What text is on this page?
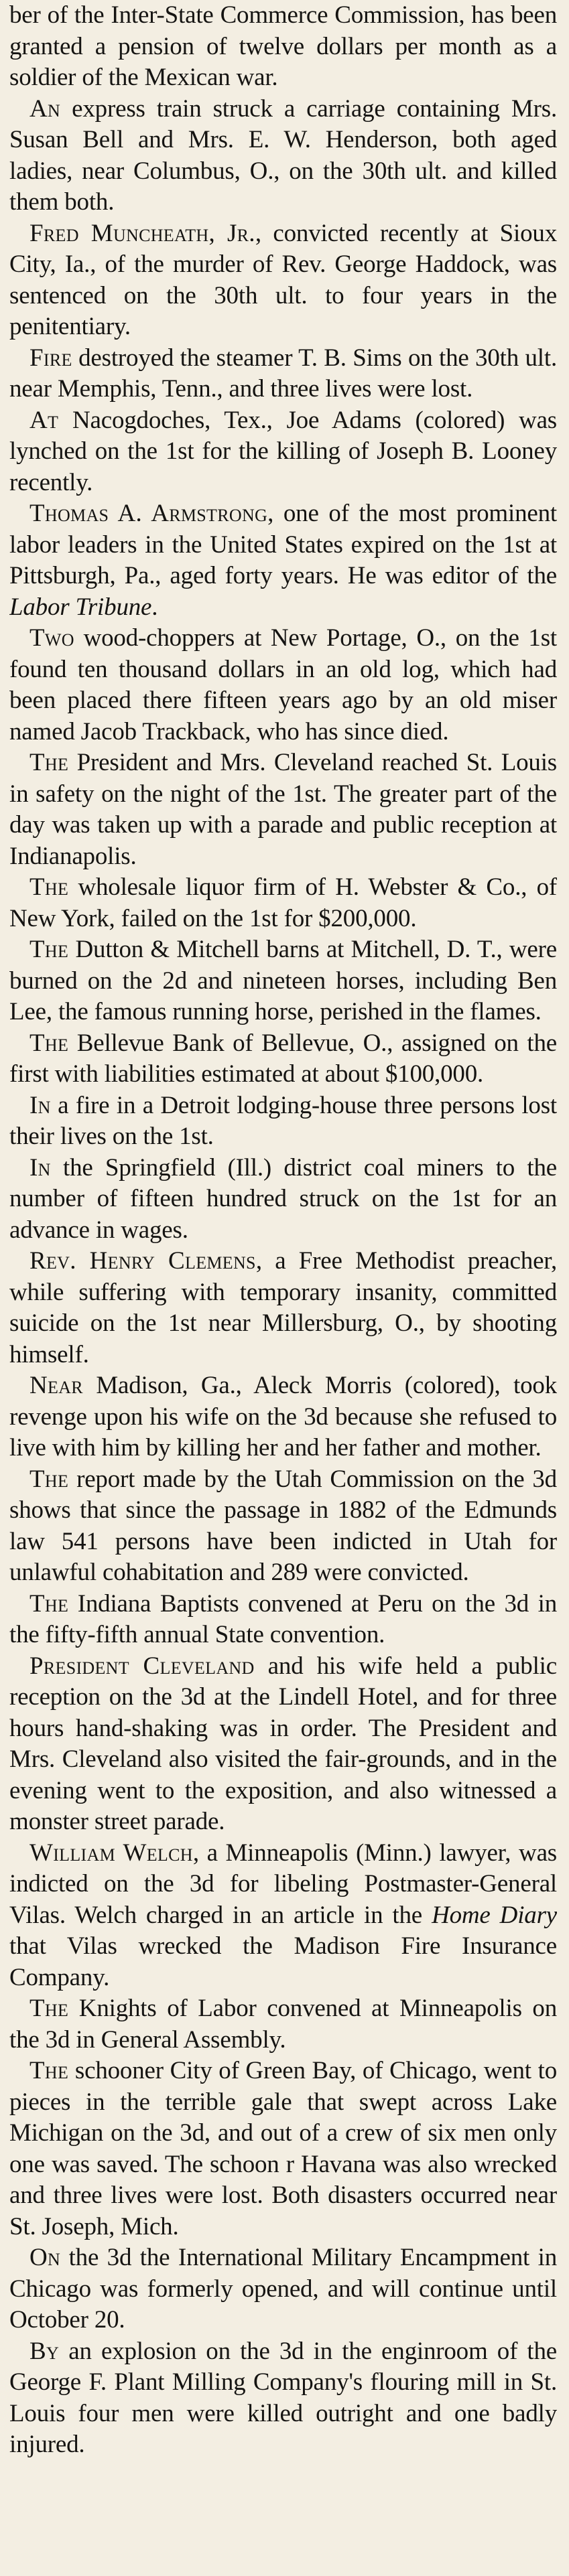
ber of the Inter-State Commerce Commission, has been granted a pension of twelve dollars per month as a soldier of the Mexican war.

An express train struck a carriage containing Mrs. Susan Bell and Mrs. E. W. Henderson, both aged ladies, near Columbus, O., on the 30th ult. and killed them both.

Fred Muncheath, Jr., convicted recently at Sioux City, Ia., of the murder of Rev. George Haddock, was sentenced on the 30th ult. to four years in the penitentiary.

Fire destroyed the steamer T. B. Sims on the 30th ult. near Memphis, Tenn., and three lives were lost.

At Nacogdoches, Tex., Joe Adams (colored) was lynched on the 1st for the killing of Joseph B. Looney recently.

Thomas A. Armstrong, one of the most prominent labor leaders in the United States expired on the 1st at Pittsburgh, Pa., aged forty years. He was editor of the Labor Tribune.

Two wood-choppers at New Portage, O., on the 1st found ten thousand dollars in an old log, which had been placed there fifteen years ago by an old miser named Jacob Trackback, who has since died.

The President and Mrs. Cleveland reached St. Louis in safety on the night of the 1st. The greater part of the day was taken up with a parade and public reception at Indianapolis.

The wholesale liquor firm of H. Webster & Co., of New York, failed on the 1st for $200,000.

The Dutton & Mitchell barns at Mitchell, D. T., were burned on the 2d and nineteen horses, including Ben Lee, the famous running horse, perished in the flames.

The Bellevue Bank of Bellevue, O., assigned on the first with liabilities estimated at about $100,000.

In a fire in a Detroit lodging-house three persons lost their lives on the 1st.

In the Springfield (Ill.) district coal miners to the number of fifteen hundred struck on the 1st for an advance in wages.

Rev. Henry Clemens, a Free Methodist preacher, while suffering with temporary insanity, committed suicide on the 1st near Millersburg, O., by shooting himself.

Near Madison, Ga., Aleck Morris (colored), took revenge upon his wife on the 3d because she refused to live with him by killing her and her father and mother.

The report made by the Utah Commission on the 3d shows that since the passage in 1882 of the Edmunds law 541 persons have been indicted in Utah for unlawful cohabitation and 289 were convicted.

The Indiana Baptists convened at Peru on the 3d in the fifty-fifth annual State convention.

President Cleveland and his wife held a public reception on the 3d at the Lindell Hotel, and for three hours hand-shaking was in order. The President and Mrs. Cleveland also visited the fair-grounds, and in the evening went to the exposition, and also witnessed a monster street parade.

William Welch, a Minneapolis (Minn.) lawyer, was indicted on the 3d for libeling Postmaster-General Vilas. Welch charged in an article in the Home Diary that Vilas wrecked the Madison Fire Insurance Company.

The Knights of Labor convened at Minneapolis on the 3d in General Assembly.

The schooner City of Green Bay, of Chicago, went to pieces in the terrible gale that swept across Lake Michigan on the 3d, and out of a crew of six men only one was saved. The schoon r Havana was also wrecked and three lives were lost. Both disasters occurred near St. Joseph, Mich.

On the 3d the International Military Encampment in Chicago was formerly opened, and will continue until October 20.

By an explosion on the 3d in the enginroom of the George F. Plant Milling Company's flouring mill in St. Louis four men were killed outright and one badly injured.
